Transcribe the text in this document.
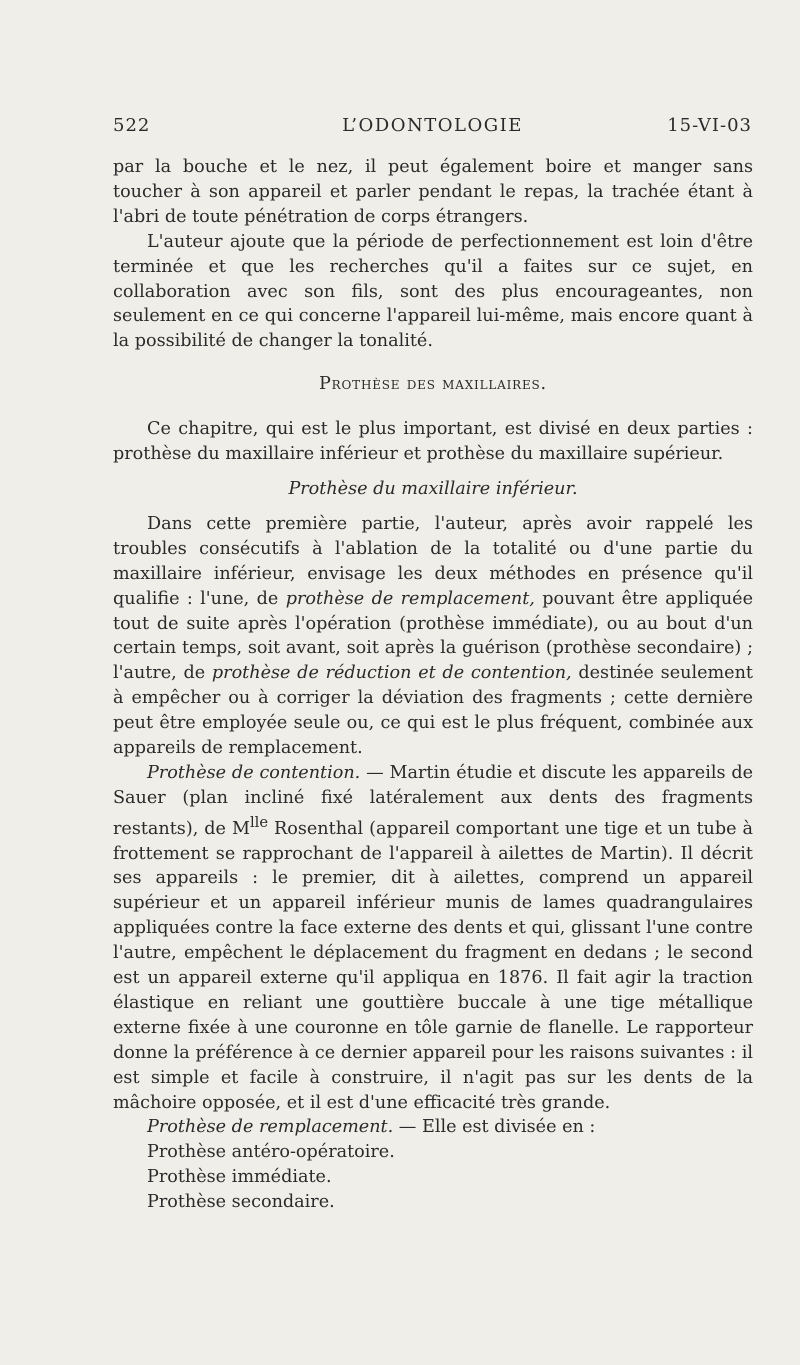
522	L’ODONTOLOGIE	15-VI-03

par la bouche et le nez, il peut également boire et manger sans toucher à son appareil et parler pendant le repas, la trachée étant à l'abri de toute pénétration de corps étrangers.

L'auteur ajoute que la période de perfectionnement est loin d'être terminée et que les recherches qu'il a faites sur ce sujet, en collaboration avec son fils, sont des plus encourageantes, non seulement en ce qui concerne l'appareil lui-même, mais encore quant à la possibilité de changer la tonalité.

Prothèse des maxillaires.

Ce chapitre, qui est le plus important, est divisé en deux parties : prothèse du maxillaire inférieur et prothèse du maxillaire supérieur.

Prothèse du maxillaire inférieur.

Dans cette première partie, l'auteur, après avoir rappelé les troubles consécutifs à l'ablation de la totalité ou d'une partie du maxillaire inférieur, envisage les deux méthodes en présence qu'il qualifie : l'une, de prothèse de remplacement, pouvant être appliquée tout de suite après l'opération (prothèse immédiate), ou au bout d'un certain temps, soit avant, soit après la guérison (prothèse secondaire) ; l'autre, de prothèse de réduction et de contention, destinée seulement à empêcher ou à corriger la déviation des fragments ; cette dernière peut être employée seule ou, ce qui est le plus fréquent, combinée aux appareils de remplacement.

Prothèse de contention. — Martin étudie et discute les appareils de Sauer (plan incliné fixé latéralement aux dents des fragments restants), de $M^{lle}$ Rosenthal (appareil comportant une tige et un tube à frottement se rapprochant de l'appareil à ailettes de Martin). Il décrit ses appareils : le premier, dit à ailettes, comprend un appareil supérieur et un appareil inférieur munis de lames quadrangulaires appliquées contre la face externe des dents et qui, glissant l'une contre l'autre, empêchent le déplacement du fragment en dedans ; le second est un appareil externe qu'il appliqua en 1876. Il fait agir la traction élastique en reliant une gouttière buccale à une tige métallique externe fixée à une couronne en tôle garnie de flanelle. Le rapporteur donne la préférence à ce dernier appareil pour les raisons suivantes : il est simple et facile à construire, il n'agit pas sur les dents de la mâchoire opposée, et il est d'une efficacité très grande.

Prothèse de remplacement. — Elle est divisée en :

Prothèse antéro-opératoire.

Prothèse immédiate.

Prothèse secondaire.
